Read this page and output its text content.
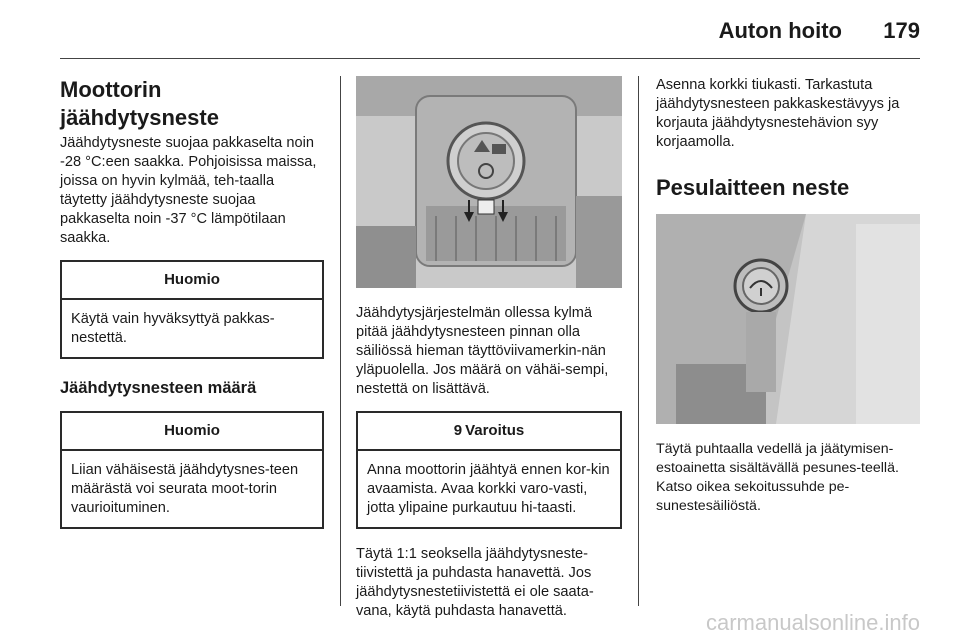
Auton hoito 179
Moottorin jäähdytysneste

Jäähdytysneste suojaa pakkaselta noin -28 °C:een saakka. Pohjoisissa maissa, joissa on hyvin kylmää, teh-taalla täytetty jäähdytysneste suojaa pakkaselta noin -37 °C lämpötilaan saakka.

Huomio
Käytä vain hyväksyttyä pakkas-nestettä.
Jäähdytysnesteen määrä
Huomio
Liian vähäisestä jäähdytysnes-teen määrästä voi seurata moot-torin vaurioituminen.

Jäähdytysjärjestelmän ollessa kylmä pitää jäähdytysnesteen pinnan olla säiliössä hieman täyttöviivamerkin-nän yläpuolella. Jos määrä on vähäi-sempi, nestettä on lisättävä.

9 Varoitus
Anna moottorin jäähtyä ennen kor-kin avaamista. Avaa korkki varo-vasti, jotta ylipaine purkautuu hi-taasti.

Täytä 1:1 seoksella jäähdytysneste-tiivistettä ja puhdasta hanavettä. Jos jäähdytysnestetiivistettä ei ole saata-vana, käytä puhdasta hanavettä.

Asenna korkki tiukasti. Tarkastuta jäähdytysnesteen pakkaskestävyys ja korjauta jäähdytysnestehävion syy korjaamolla.

Pesulaitteen neste

Täytä puhtaalla vedellä ja jäätymisen-estoainetta sisältävällä pesunes-teellä. Katso oikea sekoitussuhde pe-sunestesäiliöstä.

carmanualsonline.info
